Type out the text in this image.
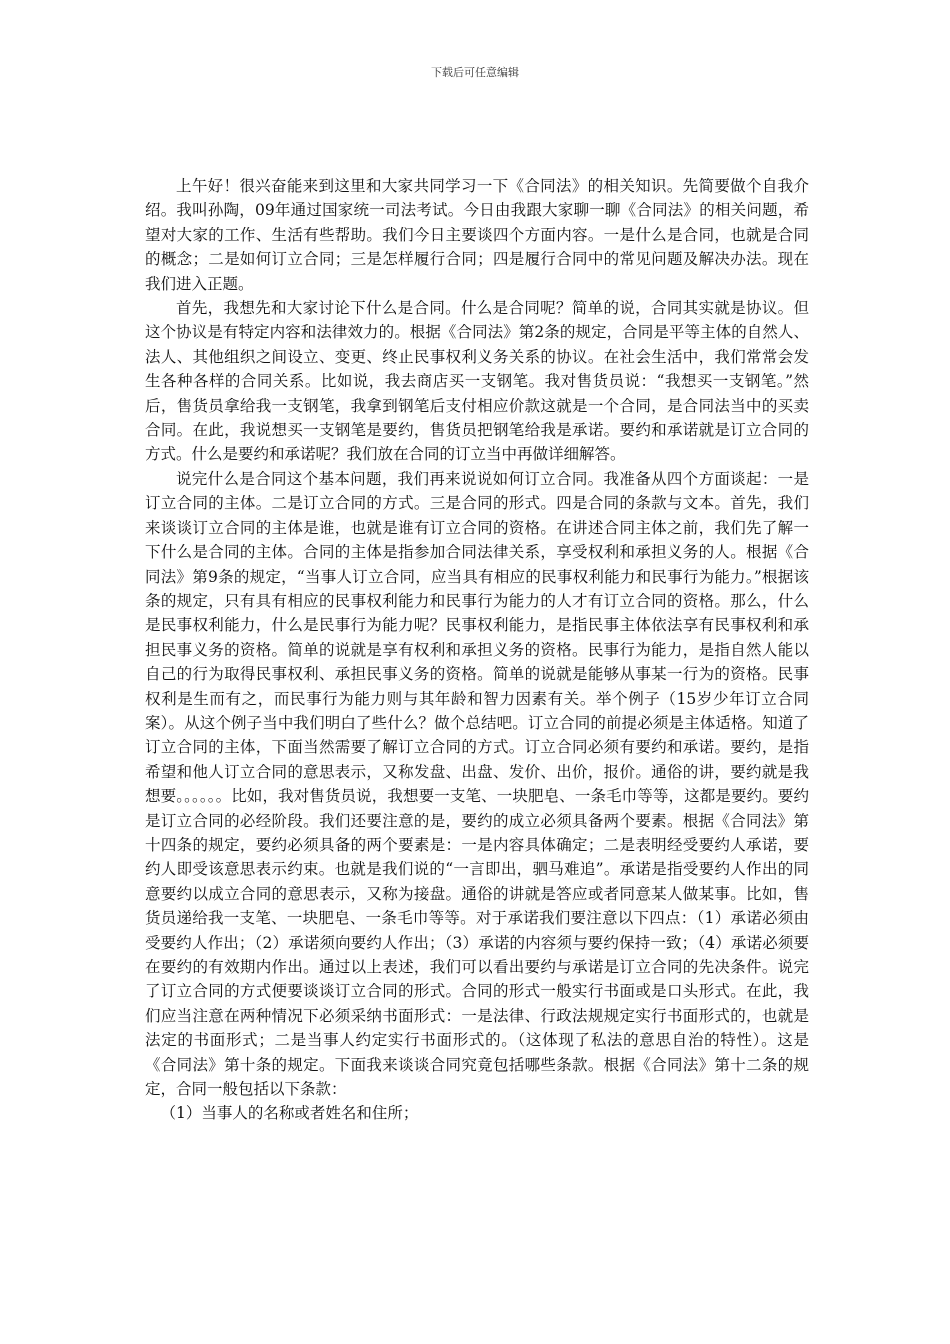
下载后可任意编辑

上午好！很兴奋能来到这里和大家共同学习一下《合同法》的相关知识。先简要做个自我介绍。我叫孙陶，09年通过国家统一司法考试。今日由我跟大家聊一聊《合同法》的相关问题，希望对大家的工作、生活有些帮助。我们今日主要谈四个方面内容。一是什么是合同，也就是合同的概念；二是如何订立合同；三是怎样履行合同；四是履行合同中的常见问题及解决办法。现在我们进入正题。

首先，我想先和大家讨论下什么是合同。什么是合同呢？简单的说，合同其实就是协议。但这个协议是有特定内容和法律效力的。根据《合同法》第2条的规定，合同是平等主体的自然人、法人、其他组织之间设立、变更、终止民事权利义务关系的协议。在社会生活中，我们常常会发生各种各样的合同关系。比如说，我去商店买一支钢笔。我对售货员说：“我想买一支钢笔。”然后，售货员拿给我一支钢笔，我拿到钢笔后支付相应价款这就是一个合同，是合同法当中的买卖合同。在此，我说想买一支钢笔是要约，售货员把钢笔给我是承诺。要约和承诺就是订立合同的方式。什么是要约和承诺呢？我们放在合同的订立当中再做详细解答。

说完什么是合同这个基本问题，我们再来说说如何订立合同。我准备从四个方面谈起：一是订立合同的主体。二是订立合同的方式。三是合同的形式。四是合同的条款与文本。首先，我们来谈谈订立合同的主体是谁，也就是谁有订立合同的资格。在讲述合同主体之前，我们先了解一下什么是合同的主体。合同的主体是指参加合同法律关系，享受权利和承担义务的人。根据《合同法》第9条的规定，“当事人订立合同，应当具有相应的民事权利能力和民事行为能力。”根据该条的规定，只有具有相应的民事权利能力和民事行为能力的人才有订立合同的资格。那么，什么是民事权利能力，什么是民事行为能力呢？民事权利能力，是指民事主体依法享有民事权利和承担民事义务的资格。简单的说就是享有权利和承担义务的资格。民事行为能力，是指自然人能以自己的行为取得民事权利、承担民事义务的资格。简单的说就是能够从事某一行为的资格。民事权利是生而有之，而民事行为能力则与其年龄和智力因素有关。举个例子（15岁少年订立合同案）。从这个例子当中我们明白了些什么？做个总结吧。订立合同的前提必须是主体适格。知道了订立合同的主体，下面当然需要了解订立合同的方式。订立合同必须有要约和承诺。要约，是指希望和他人订立合同的意思表示，又称发盘、出盘、发价、出价，报价。通俗的讲，要约就是我想要。。。。。。比如，我对售货员说，我想要一支笔、一块肥皂、一条毛巾等等，这都是要约。要约是订立合同的必经阶段。我们还要注意的是，要约的成立必须具备两个要素。根据《合同法》第十四条的规定，要约必须具备的两个要素是：一是内容具体确定；二是表明经受要约人承诺，要约人即受该意思表示约束。也就是我们说的“一言即出，驷马难追”。承诺是指受要约人作出的同意要约以成立合同的意思表示，又称为接盘。通俗的讲就是答应或者同意某人做某事。比如，售货员递给我一支笔、一块肥皂、一条毛巾等等。对于承诺我们要注意以下四点：（1）承诺必须由受要约人作出；（2）承诺须向要约人作出；（3）承诺的内容须与要约保持一致；（4）承诺必须要在要约的有效期内作出。通过以上表述，我们可以看出要约与承诺是订立合同的先决条件。说完了订立合同的方式便要谈谈订立合同的形式。合同的形式一般实行书面或是口头形式。在此，我们应当注意在两种情况下必须采纳书面形式：一是法律、行政法规规定实行书面形式的，也就是法定的书面形式；二是当事人约定实行书面形式的。（这体现了私法的意思自治的特性）。这是《合同法》第十条的规定。下面我来谈谈合同究竟包括哪些条款。根据《合同法》第十二条的规定，合同一般包括以下条款：

（1）当事人的名称或者姓名和住所；
